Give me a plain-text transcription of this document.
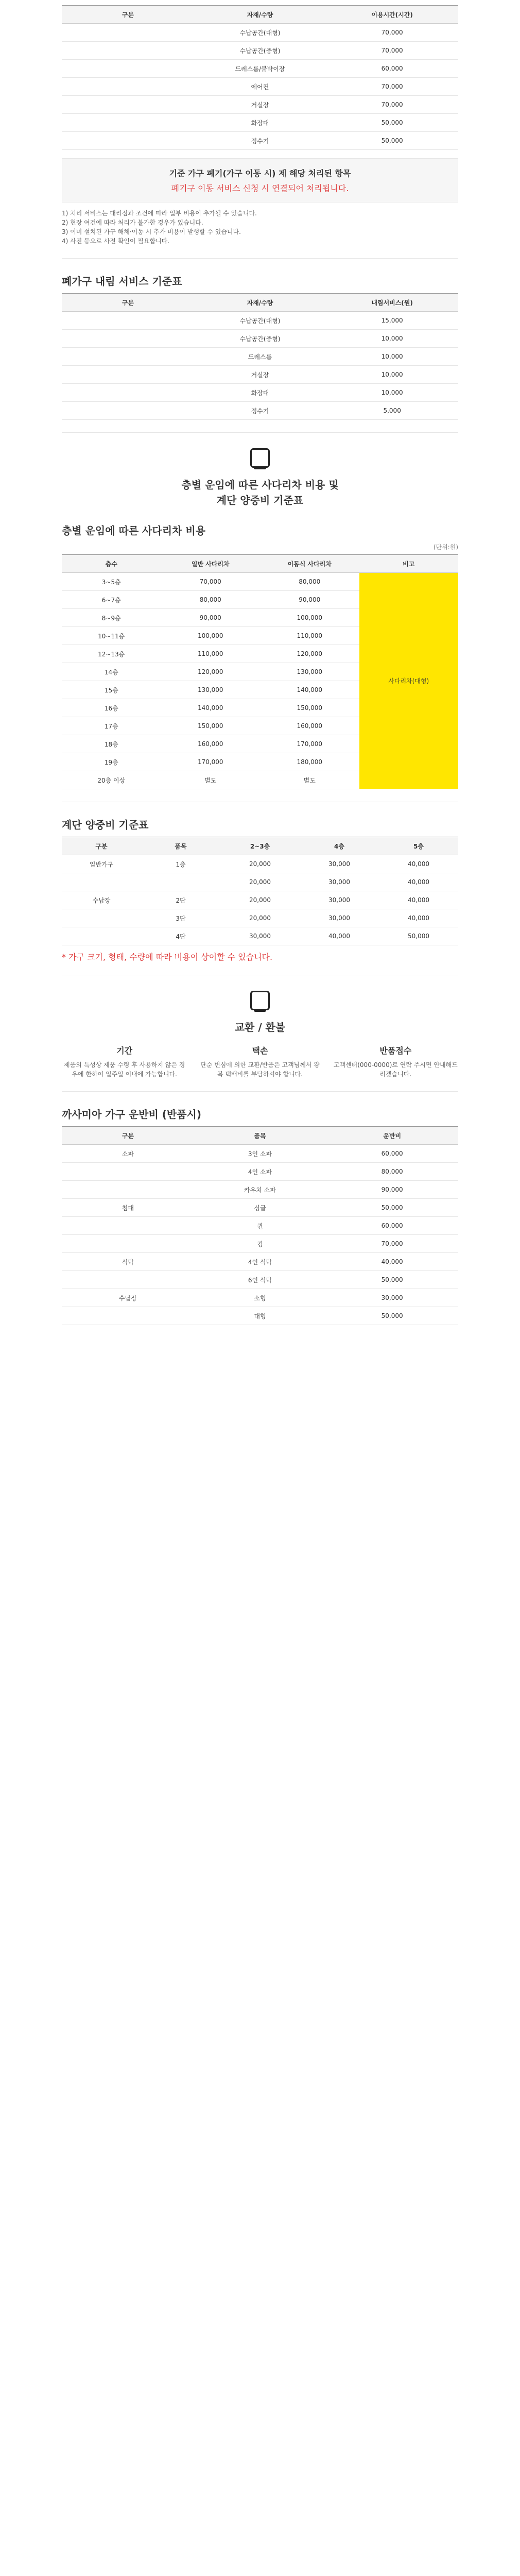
구분	자재/수량	이용시간(시간)
	수납공간(대형)	70,000
	수납공간(중형)	70,000
	드레스룸/붙박이장	60,000
	에어컨	70,000
	거실장	70,000
	화장대	50,000
	정수기	50,000
기준 가구 폐기(가구 이동 시) 제 해당 처리된 항목
폐기구 이동 서비스 신청 시 연결되어 처리됩니다.
1) 처리 서비스는 대리점과 조건에 따라 일부 비용이 추가될 수 있습니다.
2) 현장 여건에 따라 처리가 불가한 경우가 있습니다.
3) 이미 설치된 가구 해체·이동 시 추가 비용이 발생할 수 있습니다.
4) 사진 등으로 사전 확인이 필요합니다.
폐가구 내림 서비스 기준표
구분	자재/수량	내림서비스(원)
	수납공간(대형)	15,000
	수납공간(중형)	10,000
	드레스룸	10,000
	거실장	10,000
	화장대	10,000
	정수기	5,000
층별 운임에 따른 사다리차 비용 및
계단 양중비 기준표
층별 운임에 따른 사다리차 비용
(단위:원)
층수	일반 사다리차	이동식 사다리차	비고
3~5층	70,000	80,000	사다리차(대형)
6~7층	80,000	90,000	
8~9층	90,000	100,000	
10~11층	100,000	110,000	
12~13층	110,000	120,000	
14층	120,000	130,000	
15층	130,000	140,000	
16층	140,000	150,000	
17층	150,000	160,000	
18층	160,000	170,000	
19층	170,000	180,000	
20층 이상	별도	별도	
계단 양중비 기준표
구분	품목	2~3층	4층	5층
일반가구	1층	20,000	30,000	40,000
		20,000	30,000	40,000
수납장	2단	20,000	30,000	40,000
	3단	20,000	30,000	40,000
	4단	30,000	40,000	50,000
* 가구 크기, 형태, 수량에 따라 비용이 상이할 수 있습니다.
교환 / 환불
기간
제품의 특성상 제품 수령 후 사용하지 않은 경우에 한하여 일주일 이내에 가능합니다.
택손
단순 변심에 의한 교환/반품은 고객님께서 왕복 택배비를 부담하셔야 합니다.
반품접수
고객센터(000-0000)로 연락 주시면 안내해드리겠습니다.
까사미아 가구 운반비 (반품시)
구분	품목	운반비
소파	3인 소파	60,000
	4인 소파	80,000
	카우치 소파	90,000
침대	싱글	50,000
	퀸	60,000
	킹	70,000
식탁	4인 식탁	40,000
	6인 식탁	50,000
수납장	소형	30,000
	대형	50,000
